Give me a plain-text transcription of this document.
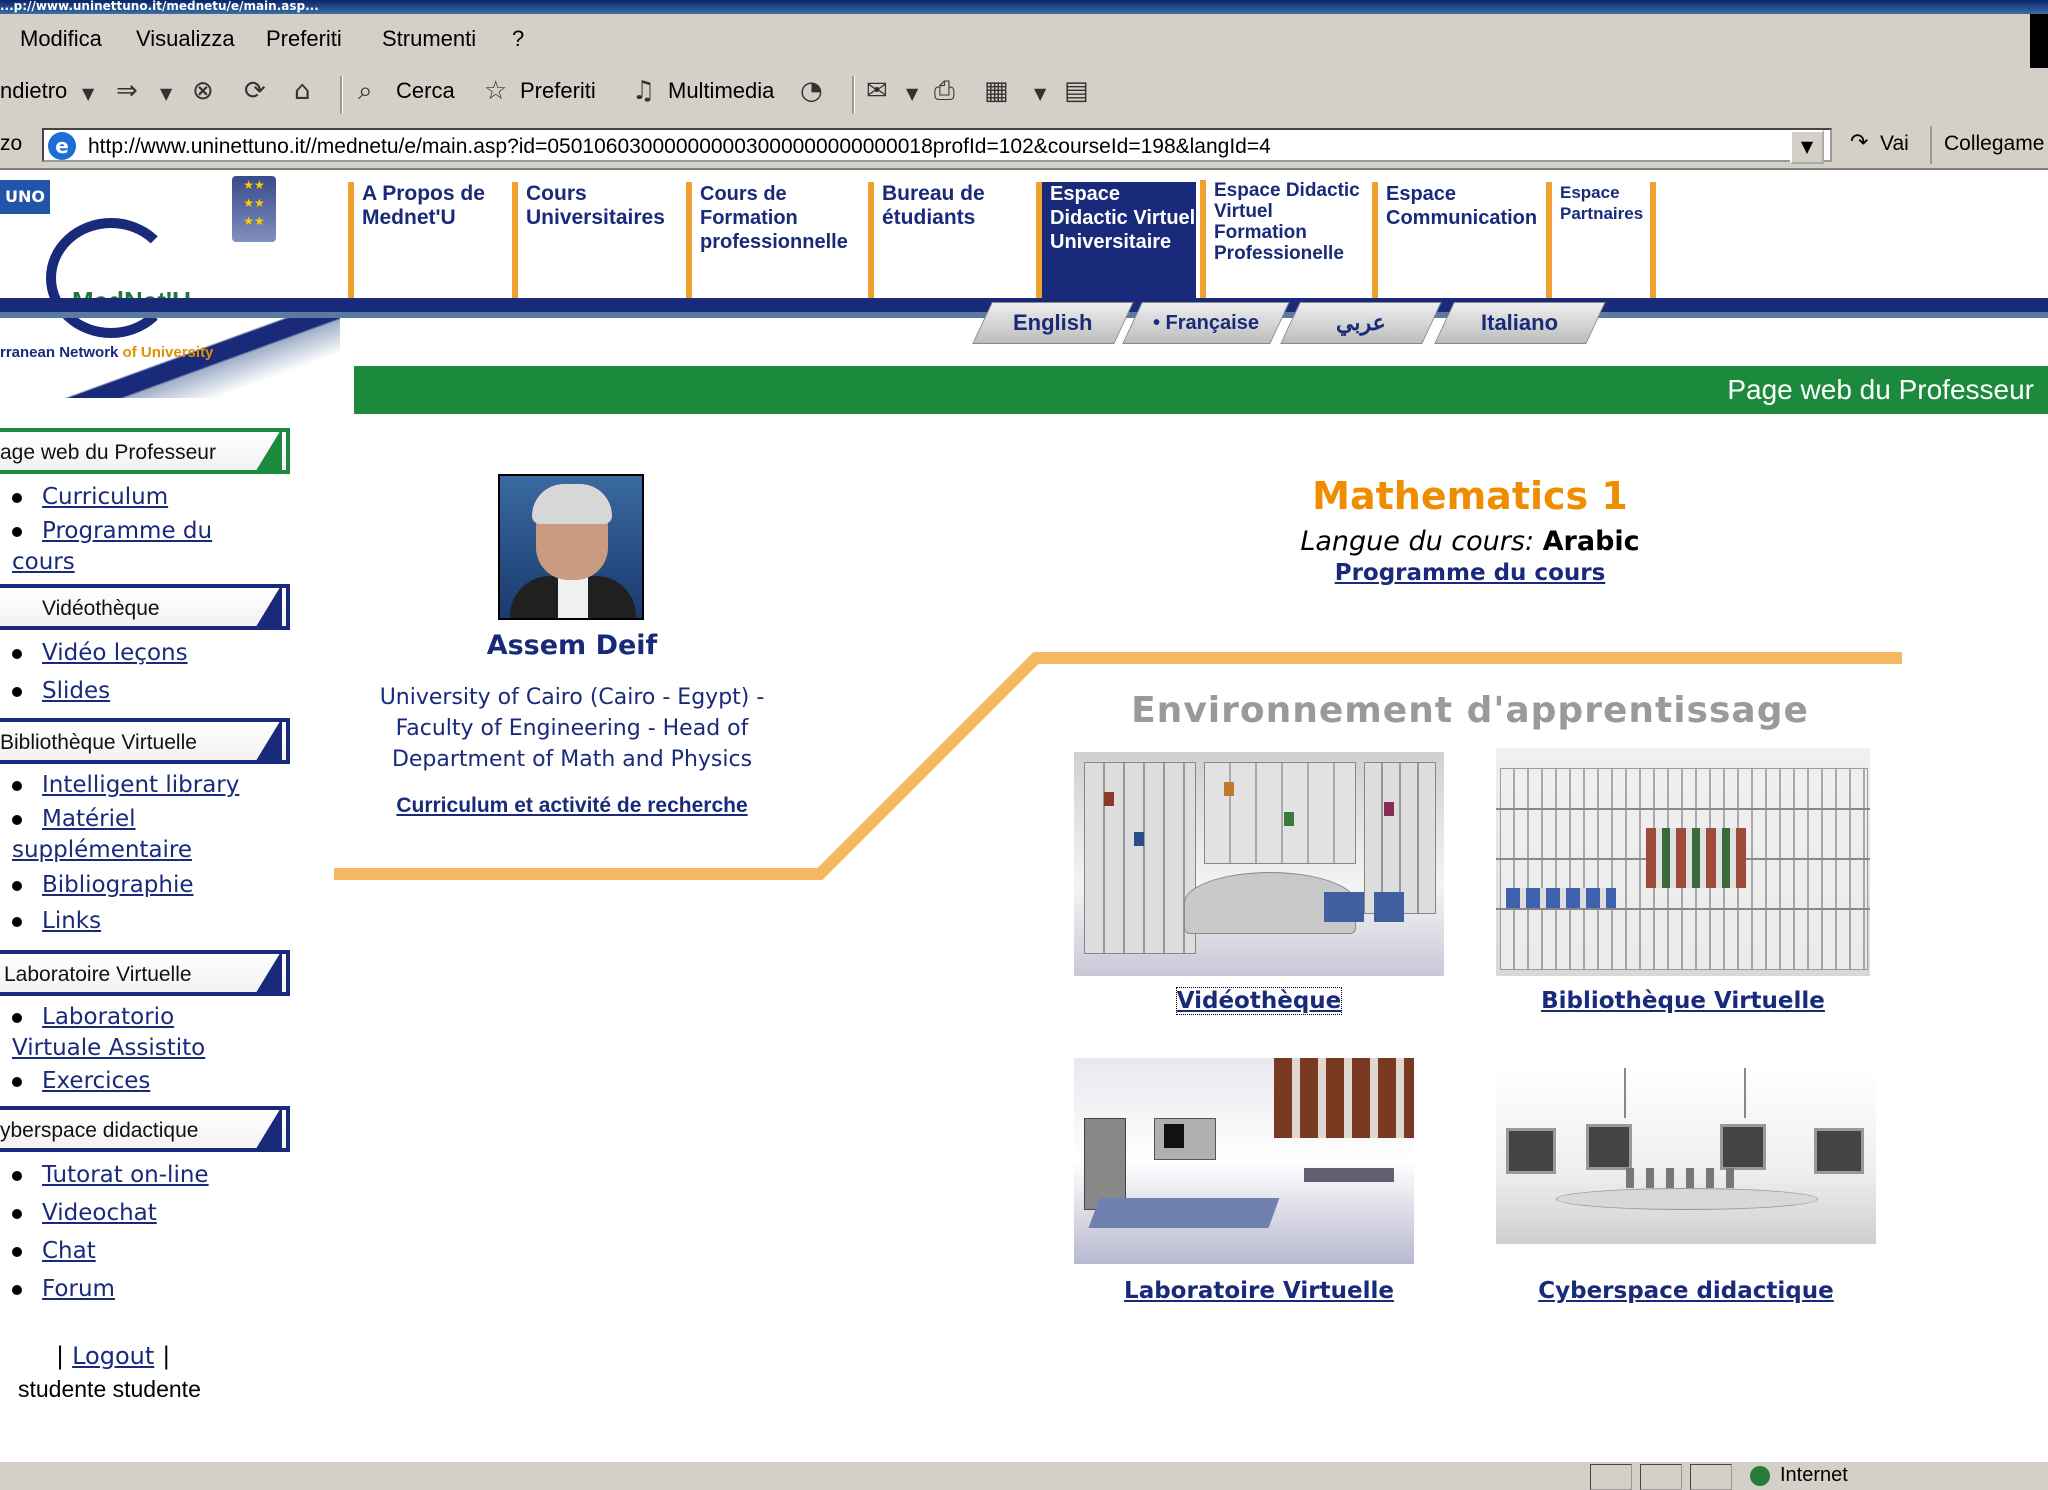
...p://www.uninettuno.it/mednetu/e/main.asp...
Modifica Visualizza Preferiti Strumenti ?
ndietro ▼ ⇒ ▼ ⊗ ⟳ ⌂ ⌕ Cerca ☆ Preferiti ♫ Multimedia ◔ ✉ ▼ ⎙ ▦ ▼ ▤
zo	http://www.uninettuno.it//mednetu/e/main.asp?id=050106030000000003000000000000018profId=102&courseId=198&langId=4
e	▼	↷ Vai Collegame
UNO
★★
★★
★★
rranean Network of University
A Propos de Mednet'U
Cours Universitaires
Cours de Formation professionnelle
Bureau de étudiants
Espace Didactic Virtuel Universitaire
Espace Didactic Virtuel Formation Professionelle
Espace Communication
Espace Partnaires
English	• Française	عربي	Italiano
Page web du Professeur
age web du Professeur
Curriculum
Programme du cours
Vidéothèque
Vidéo leçons
Slides
Bibliothèque Virtuelle
Intelligent library
Matériel supplémentaire
Bibliographie
Links
Laboratoire Virtuelle
Laboratorio Virtuale Assistito
Exercices
yberspace didactique
Tutorat on-line
Videochat
Chat
Forum
| Logout |
studente studente
Assem Deif
University of Cairo (Cairo - Egypt) - Faculty of Engineering - Head of Department of Math and Physics
Curriculum et activité de recherche
Mathematics 1
Langue du cours: Arabic
Programme du cours
Environnement d'apprentissage
Vidéothèque	Bibliothèque Virtuelle
Laboratoire Virtuelle	Cyberspace didactique
Internet
